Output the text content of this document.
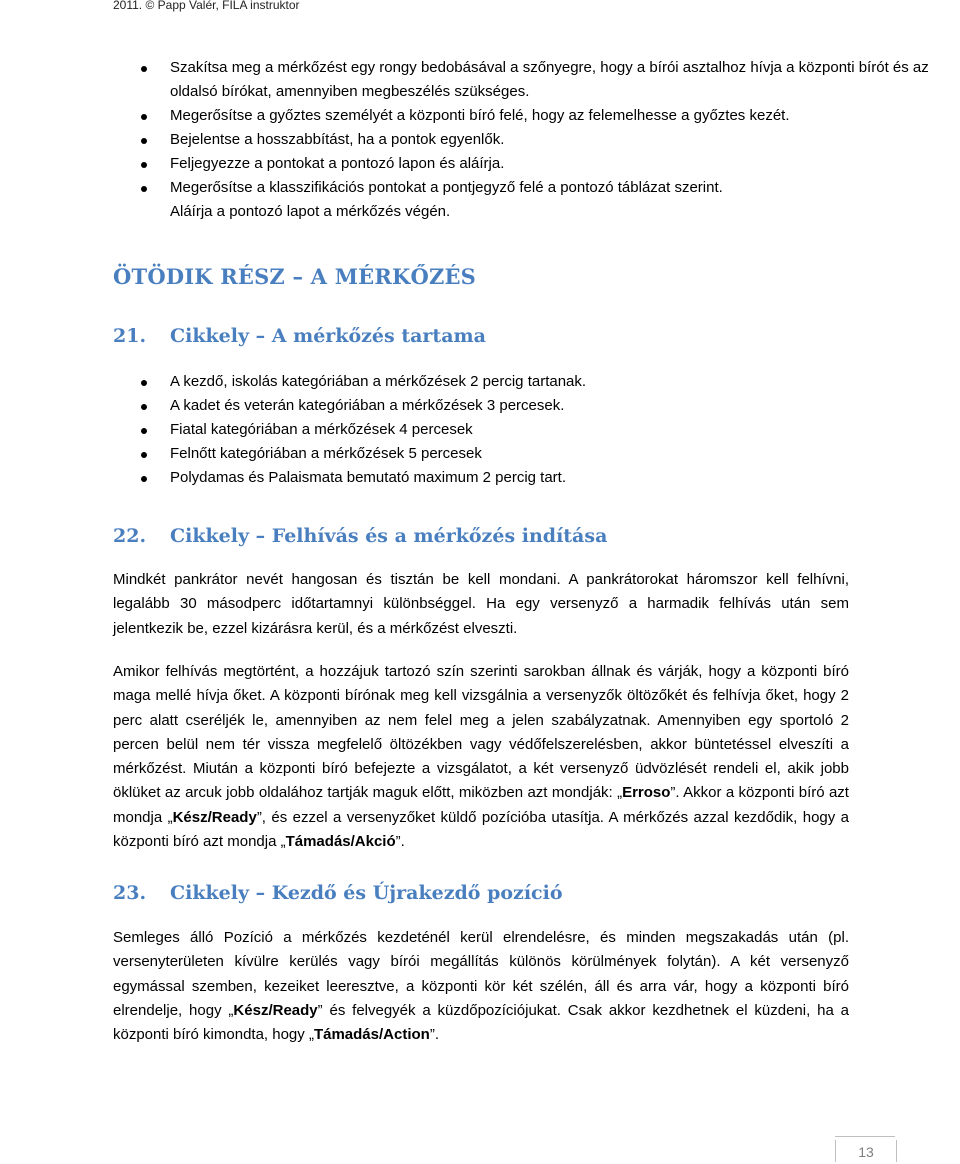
2011. © Papp Valér, FILA instruktor
Szakítsa meg a mérkőzést egy rongy bedobásával a szőnyegre, hogy a bírói asztalhoz hívja a központi bírót és az oldalsó bírókat, amennyiben megbeszélés szükséges.
Megerősítse a győztes személyét a központi bíró felé, hogy az felemelhesse a győztes kezét.
Bejelentse a hosszabbítást, ha a pontok egyenlők.
Feljegyezze a pontokat a pontozó lapon és aláírja.
Megerősítse a klasszifikációs pontokat a pontjegyző felé a pontozó táblázat szerint.
Aláírja a pontozó lapot a mérkőzés végén.
ÖTÖDIK RÉSZ – A MÉRKŐZÉS
21. Cikkely – A mérkőzés tartama
A kezdő, iskolás kategóriában a mérkőzések 2 percig tartanak.
A kadet és veterán kategóriában a mérkőzések 3 percesek.
Fiatal kategóriában a mérkőzések 4 percesek
Felnőtt kategóriában a mérkőzések 5 percesek
Polydamas és Palaismata bemutató maximum 2 percig tart.
22. Cikkely – Felhívás és a mérkőzés indítása

Mindkét pankrátor nevét hangosan és tisztán be kell mondani. A pankrátorokat háromszor kell felhívni, legalább 30 másodperc időtartamnyi különbséggel. Ha egy versenyző a harmadik felhívás után sem jelentkezik be, ezzel kizárásra kerül, és a mérkőzést elveszti.

Amikor felhívás megtörtént, a hozzájuk tartozó szín szerinti sarokban állnak és várják, hogy a központi bíró maga mellé hívja őket. A központi bírónak meg kell vizsgálnia a versenyzők öltözőkét és felhívja őket, hogy 2 perc alatt cseréljék le, amennyiben az nem felel meg a jelen szabályzatnak. Amennyiben egy sportoló 2 percen belül nem tér vissza megfelelő öltözékben vagy védőfelszerelésben, akkor büntetéssel elveszíti a mérkőzést. Miután a központi bíró befejezte a vizsgálatot, a két versenyző üdvözlését rendeli el, akik jobb öklüket az arcuk jobb oldalához tartják maguk előtt, miközben azt mondják: „Erroso”. Akkor a központi bíró azt mondja „Kész/Ready”, és ezzel a versenyzőket küldő pozícióba utasítja. A mérkőzés azzal kezdődik, hogy a központi bíró azt mondja „Támadás/Akció”.

23. Cikkely – Kezdő és Újrakezdő pozíció

Semleges álló Pozíció a mérkőzés kezdeténél kerül elrendelésre, és minden megszakadás után (pl. versenyterületen kívülre kerülés vagy bírói megállítás különös körülmények folytán). A két versenyző egymással szemben, kezeiket leeresztve, a központi kör két szélén, áll és arra vár, hogy a központi bíró elrendelje, hogy „Kész/Ready” és felvegyék a küzdőpozíciójukat. Csak akkor kezdhetnek el küzdeni, ha a központi bíró kimondta, hogy „Támadás/Action”.

13
